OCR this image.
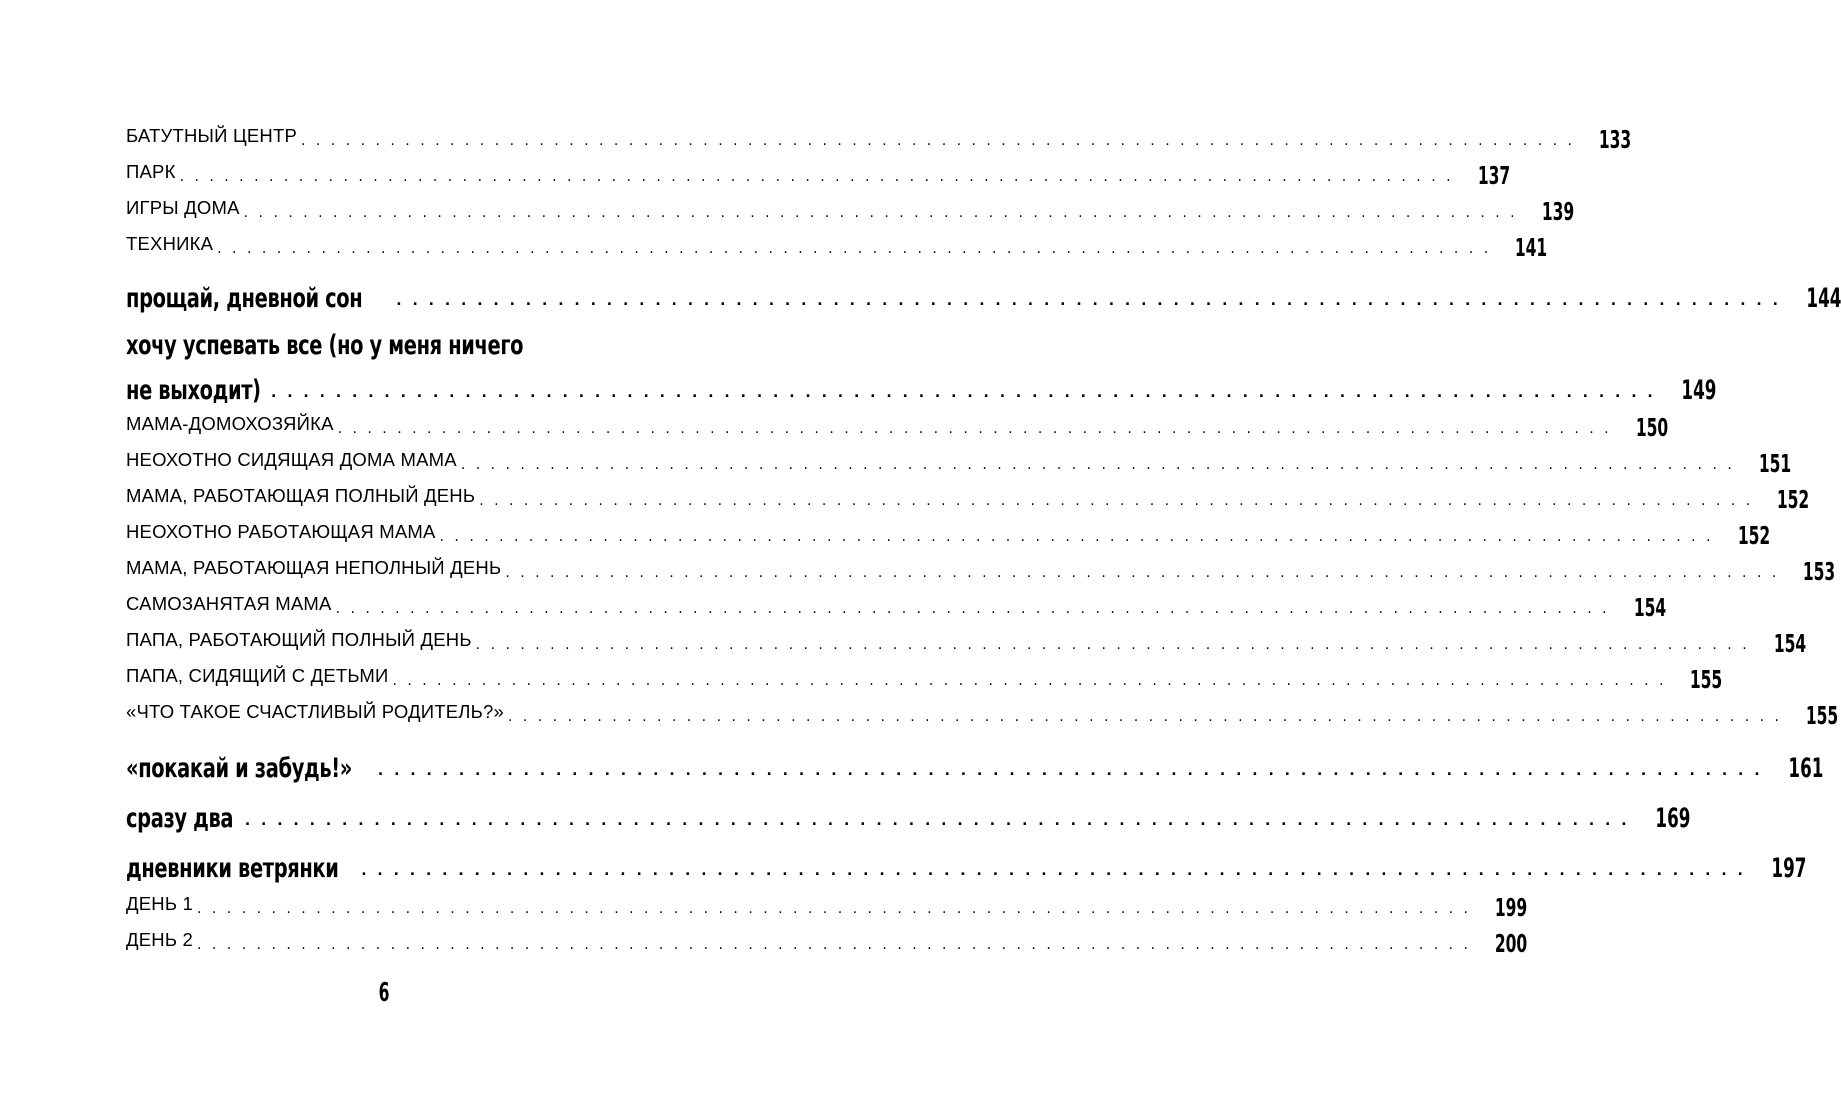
БАТУТНЫЙ ЦЕНТР . . . . . . . . . . . . . . . . . . . . . . . . . . . . . . . . . . . . . . . . . . . . . . . . . . . . . . . . . . . . . . . . . . . . . . . . . . . . . . . . . . . . . . 133
ПАРК . . . . . . . . . . . . . . . . . . . . . . . . . . . . . . . . . . . . . . . . . . . . . . . . . . . . . . . . . . . . . . . . . . . . . . . . . . . . . . . . . . . . . . 137
ИГРЫ ДОМА . . . . . . . . . . . . . . . . . . . . . . . . . . . . . . . . . . . . . . . . . . . . . . . . . . . . . . . . . . . . . . . . . . . . . . . . . . . . . . . . . . . . . . 139
ТЕХНИКА . . . . . . . . . . . . . . . . . . . . . . . . . . . . . . . . . . . . . . . . . . . . . . . . . . . . . . . . . . . . . . . . . . . . . . . . . . . . . . . . . . . . . . 141
прощай, дневной сон . . . . . . . . . . . . . . . . . . . . . . . . . . . . . . . . . . . . . . . . . . . . . . . . . . . . . . . . . . . . . . . . . . . . . . . . . . . . . . . . . . . . . . 144
хочу успевать все (но у меня ничего
не выходит) . . . . . . . . . . . . . . . . . . . . . . . . . . . . . . . . . . . . . . . . . . . . . . . . . . . . . . . . . . . . . . . . . . . . . . . . . . . . . . . . . . . . . . 149
МАМА-ДОМОХОЗЯЙКА . . . . . . . . . . . . . . . . . . . . . . . . . . . . . . . . . . . . . . . . . . . . . . . . . . . . . . . . . . . . . . . . . . . . . . . . . . . . . . . . . . . . . . 150
НЕОХОТНО СИДЯЩАЯ ДОМА МАМА . . . . . . . . . . . . . . . . . . . . . . . . . . . . . . . . . . . . . . . . . . . . . . . . . . . . . . . . . . . . . . . . . . . . . . . . . . . . . . . . . . . . . . 151
МАМА, РАБОТАЮЩАЯ ПОЛНЫЙ ДЕНЬ . . . . . . . . . . . . . . . . . . . . . . . . . . . . . . . . . . . . . . . . . . . . . . . . . . . . . . . . . . . . . . . . . . . . . . . . . . . . . . . . . . . . . . 152
НЕОХОТНО РАБОТАЮЩАЯ МАМА . . . . . . . . . . . . . . . . . . . . . . . . . . . . . . . . . . . . . . . . . . . . . . . . . . . . . . . . . . . . . . . . . . . . . . . . . . . . . . . . . . . . . . 152
МАМА, РАБОТАЮЩАЯ НЕПОЛНЫЙ ДЕНЬ . . . . . . . . . . . . . . . . . . . . . . . . . . . . . . . . . . . . . . . . . . . . . . . . . . . . . . . . . . . . . . . . . . . . . . . . . . . . . . . . . . . . . . 153
САМОЗАНЯТАЯ МАМА . . . . . . . . . . . . . . . . . . . . . . . . . . . . . . . . . . . . . . . . . . . . . . . . . . . . . . . . . . . . . . . . . . . . . . . . . . . . . . . . . . . . . . 154
ПАПА, РАБОТАЮЩИЙ ПОЛНЫЙ ДЕНЬ . . . . . . . . . . . . . . . . . . . . . . . . . . . . . . . . . . . . . . . . . . . . . . . . . . . . . . . . . . . . . . . . . . . . . . . . . . . . . . . . . . . . . . 154
ПАПА, СИДЯЩИЙ С ДЕТЬМИ . . . . . . . . . . . . . . . . . . . . . . . . . . . . . . . . . . . . . . . . . . . . . . . . . . . . . . . . . . . . . . . . . . . . . . . . . . . . . . . . . . . . . . 155
«ЧТО ТАКОЕ СЧАСТЛИВЫЙ РОДИТЕЛЬ?» . . . . . . . . . . . . . . . . . . . . . . . . . . . . . . . . . . . . . . . . . . . . . . . . . . . . . . . . . . . . . . . . . . . . . . . . . . . . . . . . . . . . . . 155
«покакай и забудь!» . . . . . . . . . . . . . . . . . . . . . . . . . . . . . . . . . . . . . . . . . . . . . . . . . . . . . . . . . . . . . . . . . . . . . . . . . . . . . . . . . . . . . . 161
сразу два . . . . . . . . . . . . . . . . . . . . . . . . . . . . . . . . . . . . . . . . . . . . . . . . . . . . . . . . . . . . . . . . . . . . . . . . . . . . . . . . . . . . . . 169
дневники ветрянки . . . . . . . . . . . . . . . . . . . . . . . . . . . . . . . . . . . . . . . . . . . . . . . . . . . . . . . . . . . . . . . . . . . . . . . . . . . . . . . . . . . . . . 197
ДЕНЬ 1 . . . . . . . . . . . . . . . . . . . . . . . . . . . . . . . . . . . . . . . . . . . . . . . . . . . . . . . . . . . . . . . . . . . . . . . . . . . . . . . . . . . . . . 199
ДЕНЬ 2 . . . . . . . . . . . . . . . . . . . . . . . . . . . . . . . . . . . . . . . . . . . . . . . . . . . . . . . . . . . . . . . . . . . . . . . . . . . . . . . . . . . . . . 200
6
